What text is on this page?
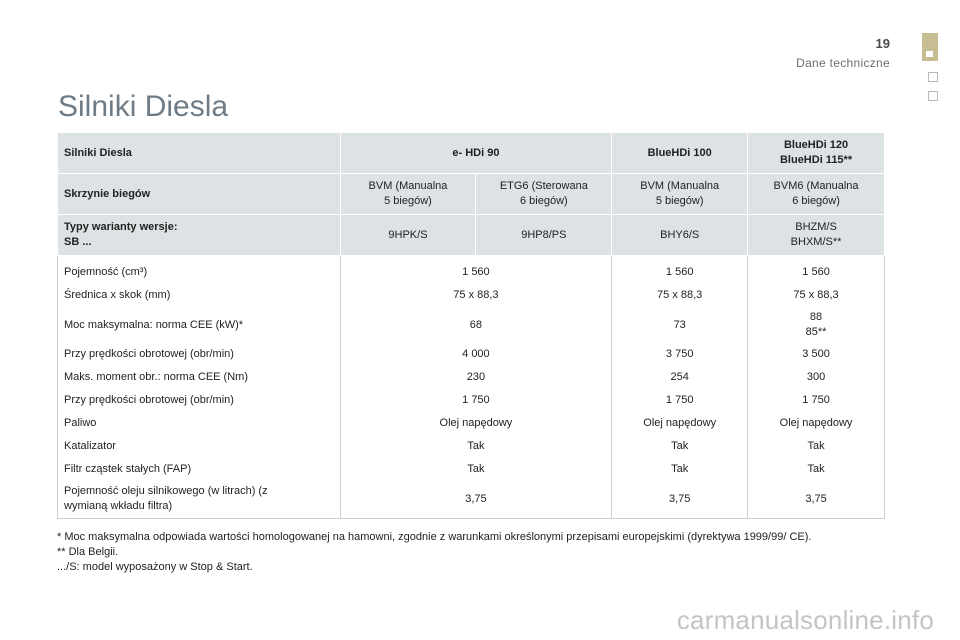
19
Dane techniczne
Silniki Diesla
Silniki Diesla	e- HDi 90		BlueHDi 100	BlueHDi 120
BlueHDi 115**
Skrzynie biegów	BVM (Manualna
5 biegów)	ETG6 (Sterowana
6 biegów)	BVM (Manualna
5 biegów)	BVM6 (Manualna
6 biegów)
Typy warianty wersje:
SB ...	9HPK/S	9HP8/PS	BHY6/S	BHZM/S
BHXM/S**
Pojemność (cm³)	1 560		1 560	1 560
Średnica x skok (mm)	75 x 88,3		75 x 88,3	75 x 88,3
Moc maksymalna: norma CEE (kW)*	68		73	88
85**
Przy prędkości obrotowej (obr/min)	4 000		3 750	3 500
Maks. moment obr.: norma CEE (Nm)	230		254	300
Przy prędkości obrotowej (obr/min)	1 750		1 750	1 750
Paliwo	Olej napędowy		Olej napędowy	Olej napędowy
Katalizator	Tak		Tak	Tak
Filtr cząstek stałych (FAP)	Tak		Tak	Tak
Pojemność oleju silnikowego (w litrach) (z
wymianą wkładu filtra)	3,75		3,75	3,75

* Moc maksymalna odpowiada wartości homologowanej na hamowni, zgodnie z warunkami określonymi przepisami europejskimi (dyrektywa 1999/99/ CE).

** Dla Belgii.

.../S: model wyposażony w Stop & Start.

carmanualsonline.info
